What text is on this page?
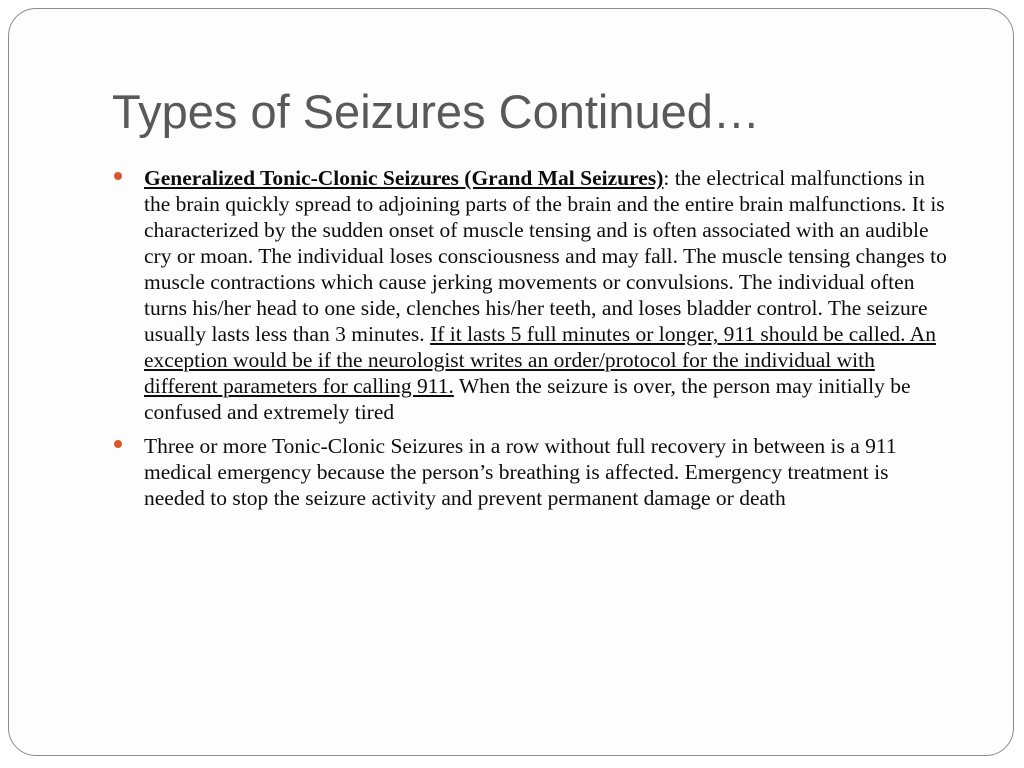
Types of Seizures Continued…
Generalized Tonic-Clonic Seizures (Grand Mal Seizures): the electrical malfunctions in the brain quickly spread to adjoining parts of the brain and the entire brain malfunctions. It is characterized by the sudden onset of muscle tensing and is often associated with an audible cry or moan. The individual loses consciousness and may fall. The muscle tensing changes to muscle contractions which cause jerking movements or convulsions. The individual often turns his/her head to one side, clenches his/her teeth, and loses bladder control. The seizure usually lasts less than 3 minutes. If it lasts 5 full minutes or longer, 911 should be called. An exception would be if the neurologist writes an order/protocol for the individual with different parameters for calling 911. When the seizure is over, the person may initially be confused and extremely tired
Three or more Tonic-Clonic Seizures in a row without full recovery in between is a 911 medical emergency because the person’s breathing is affected. Emergency treatment is needed to stop the seizure activity and prevent permanent damage or death
